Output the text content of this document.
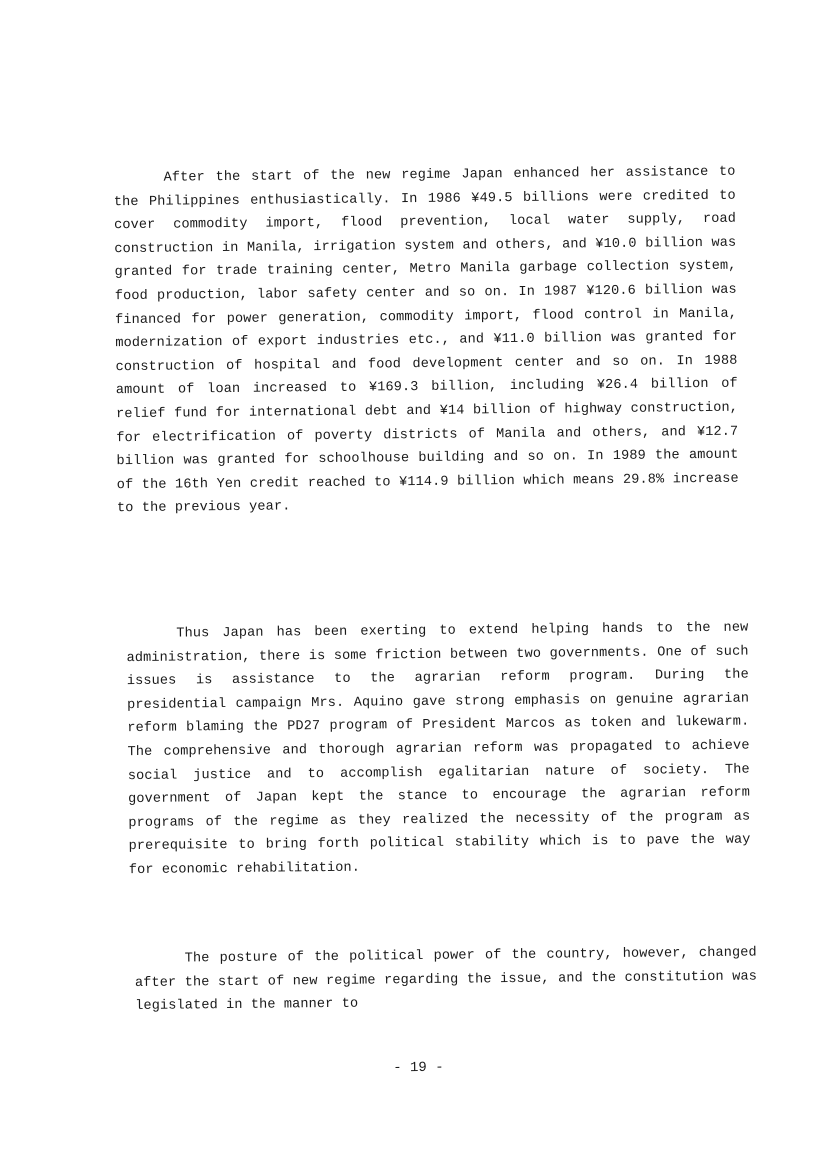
After the start of the new regime Japan enhanced her assistance to the Philippines enthusiastically. In 1986 ¥49.5 billions were credited to cover commodity import, flood prevention, local water supply, road construction in Manila, irrigation system and others, and ¥10.0 billion was granted for trade training center, Metro Manila garbage collection system, food production, labor safety center and so on. In 1987 ¥120.6 billion was financed for power generation, commodity import, flood control in Manila, modernization of export industries etc., and ¥11.0 billion was granted for construction of hospital and food development center and so on. In 1988 amount of loan increased to ¥169.3 billion, including ¥26.4 billion of relief fund for international debt and ¥14 billion of highway construction, for electrification of poverty districts of Manila and others, and ¥12.7 billion was granted for schoolhouse building and so on. In 1989 the amount of the 16th Yen credit reached to ¥114.9 billion which means 29.8% increase to the previous year.

Thus Japan has been exerting to extend helping hands to the new administration, there is some friction between two governments. One of such issues is assistance to the agrarian reform program. During the presidential campaign Mrs. Aquino gave strong emphasis on genuine agrarian reform blaming the PD27 program of President Marcos as token and lukewarm. The comprehensive and thorough agrarian reform was propagated to achieve social justice and to accomplish egalitarian nature of society. The government of Japan kept the stance to encourage the agrarian reform programs of the regime as they realized the necessity of the program as prerequisite to bring forth political stability which is to pave the way for economic rehabilitation.

The posture of the political power of the country, however, changed after the start of new regime regarding the issue, and the constitution was legislated in the manner to

- 19 -
